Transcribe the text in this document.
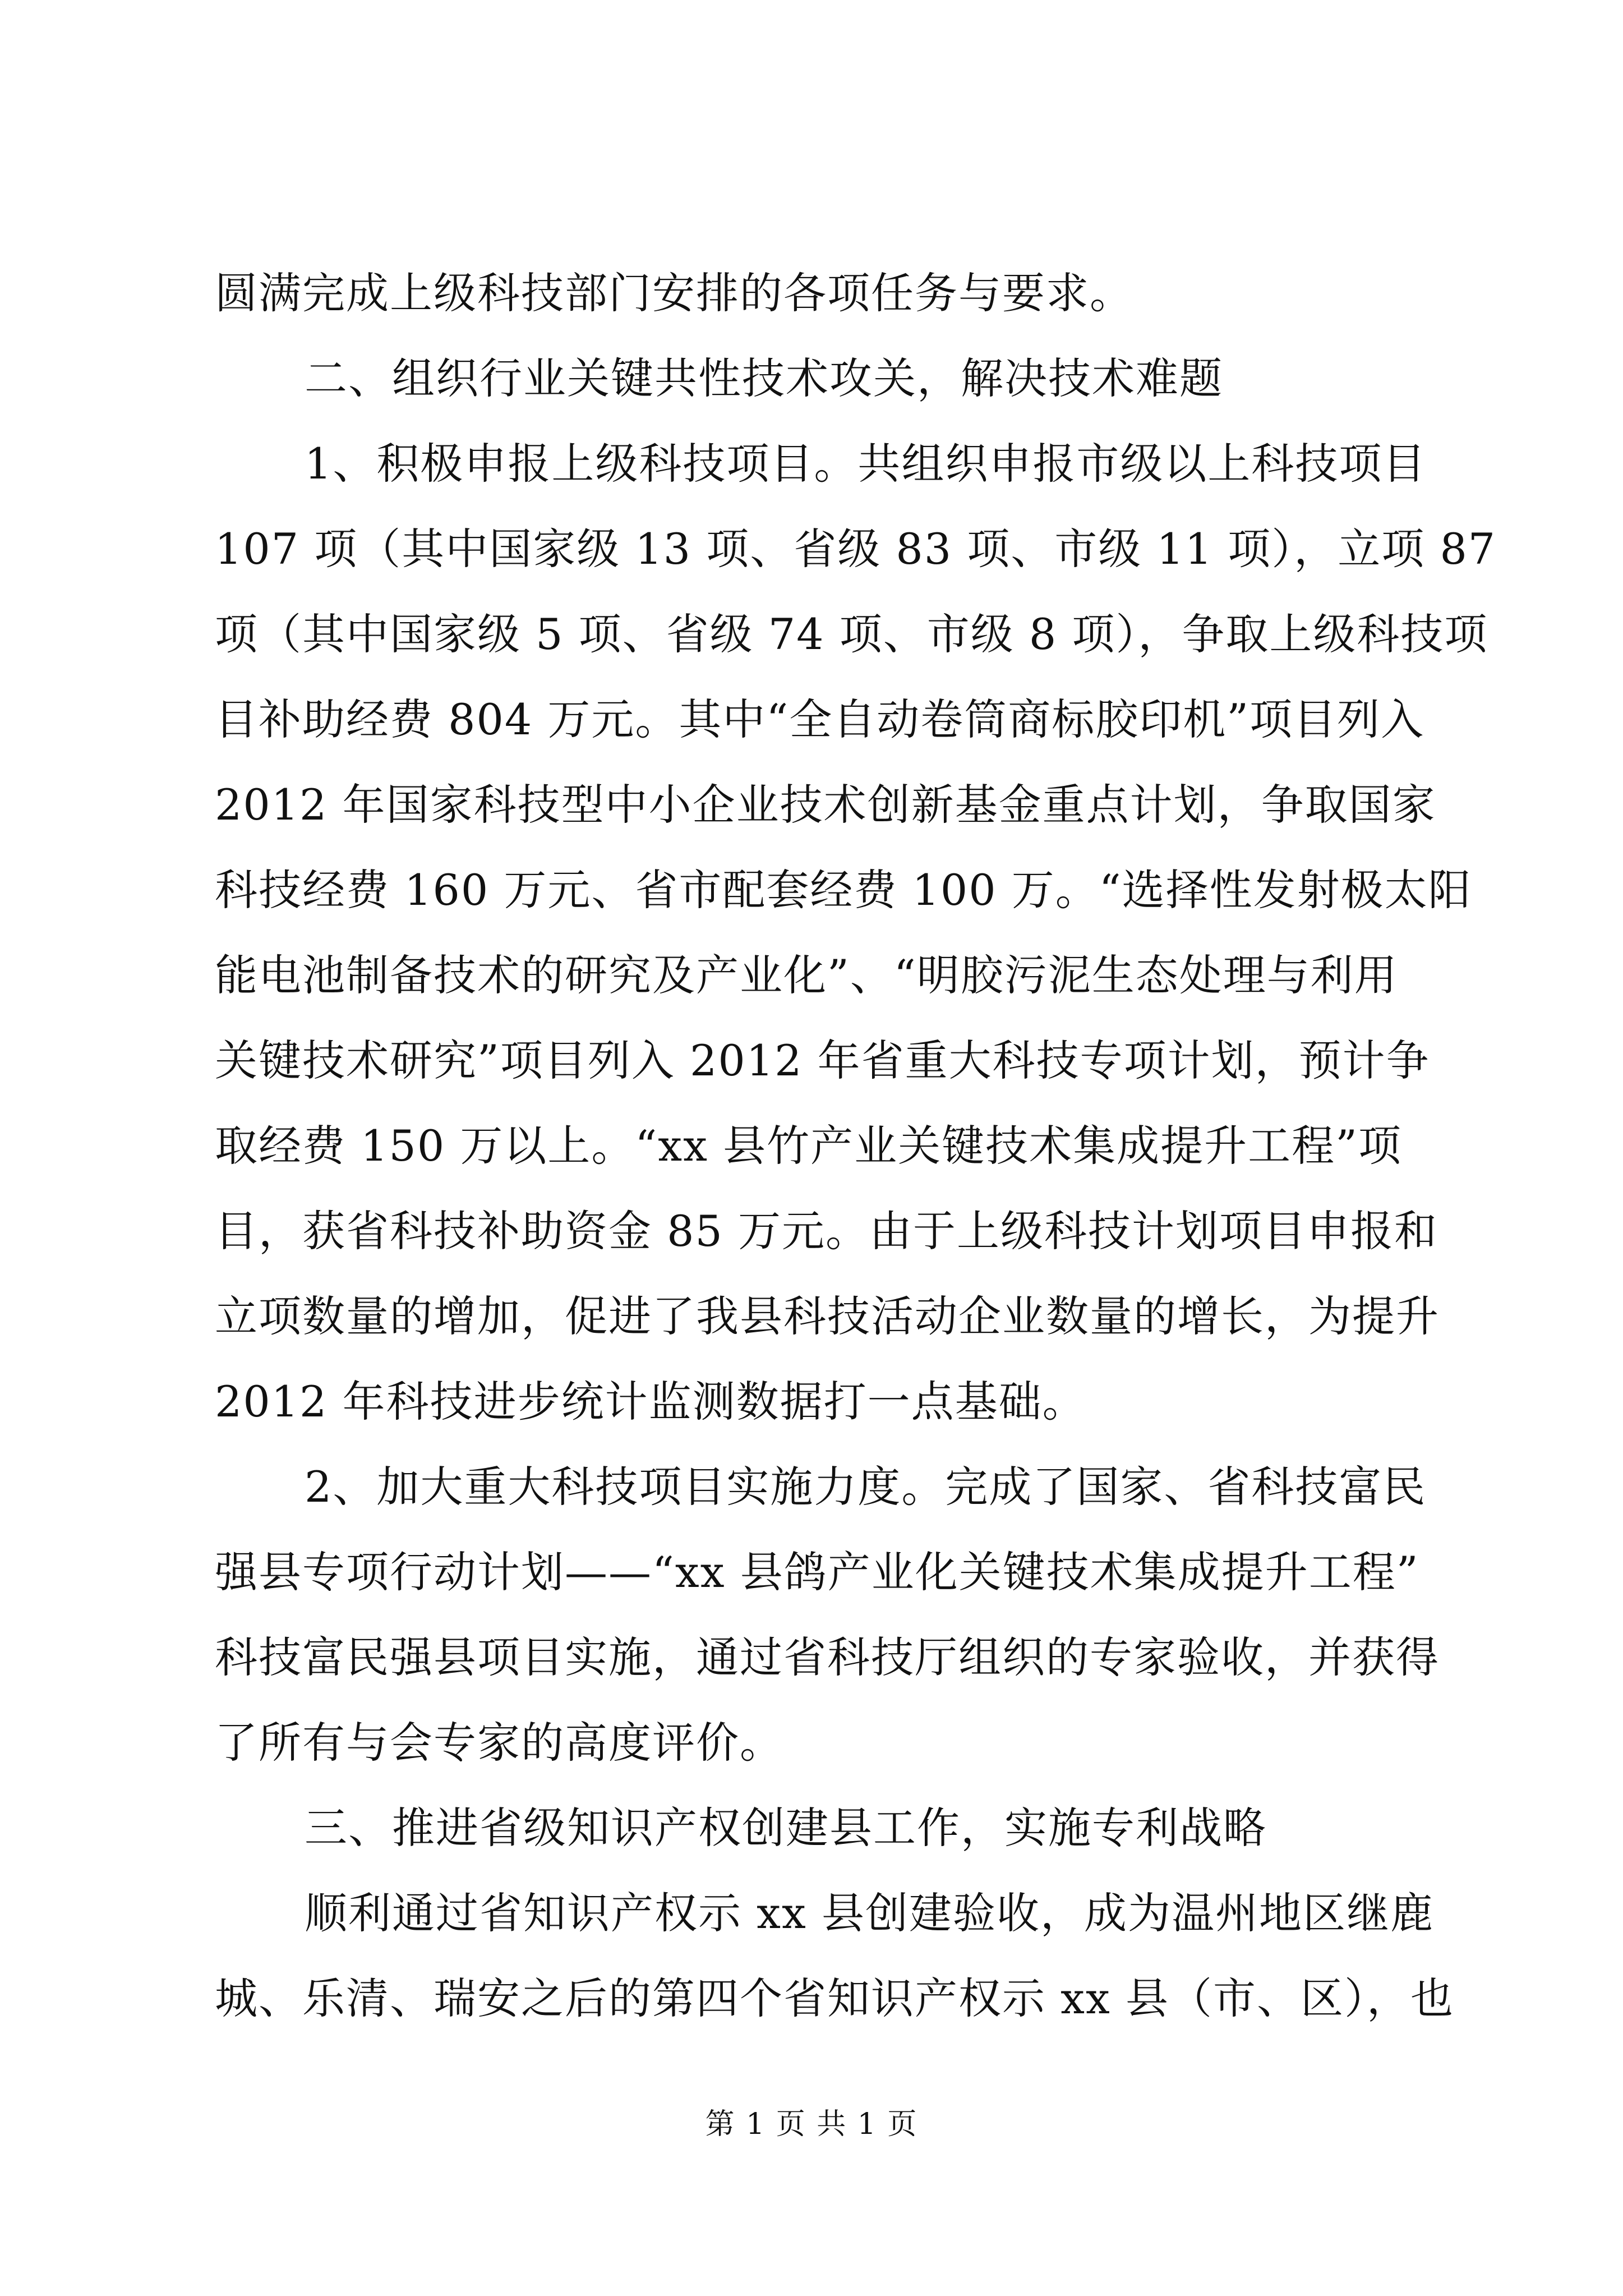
圆满完成上级科技部门安排的各项任务与要求。
二、组织行业关键共性技术攻关，解决技术难题
1、积极申报上级科技项目。共组织申报市级以上科技项目
107 项（其中国家级 13 项、省级 83 项、市级 11 项），立项 87
项（其中国家级 5 项、省级 74 项、市级 8 项），争取上级科技项
目补助经费 804 万元。其中“全自动卷筒商标胶印机”项目列入
2012 年国家科技型中小企业技术创新基金重点计划，争取国家
科技经费 160 万元、省市配套经费 100 万。“选择性发射极太阳
能电池制备技术的研究及产业化”、“明胶污泥生态处理与利用
关键技术研究”项目列入 2012 年省重大科技专项计划，预计争
取经费 150 万以上。“xx 县竹产业关键技术集成提升工程”项
目，获省科技补助资金 85 万元。由于上级科技计划项目申报和
立项数量的增加，促进了我县科技活动企业数量的增长，为提升
2012 年科技进步统计监测数据打一点基础。
2、加大重大科技项目实施力度。完成了国家、省科技富民
强县专项行动计划——“xx 县鸽产业化关键技术集成提升工程”
科技富民强县项目实施，通过省科技厅组织的专家验收，并获得
了所有与会专家的高度评价。
三、推进省级知识产权创建县工作，实施专利战略
顺利通过省知识产权示 xx 县创建验收，成为温州地区继鹿
城、乐清、瑞安之后的第四个省知识产权示 xx 县（市、区），也
第 1 页 共 1 页
